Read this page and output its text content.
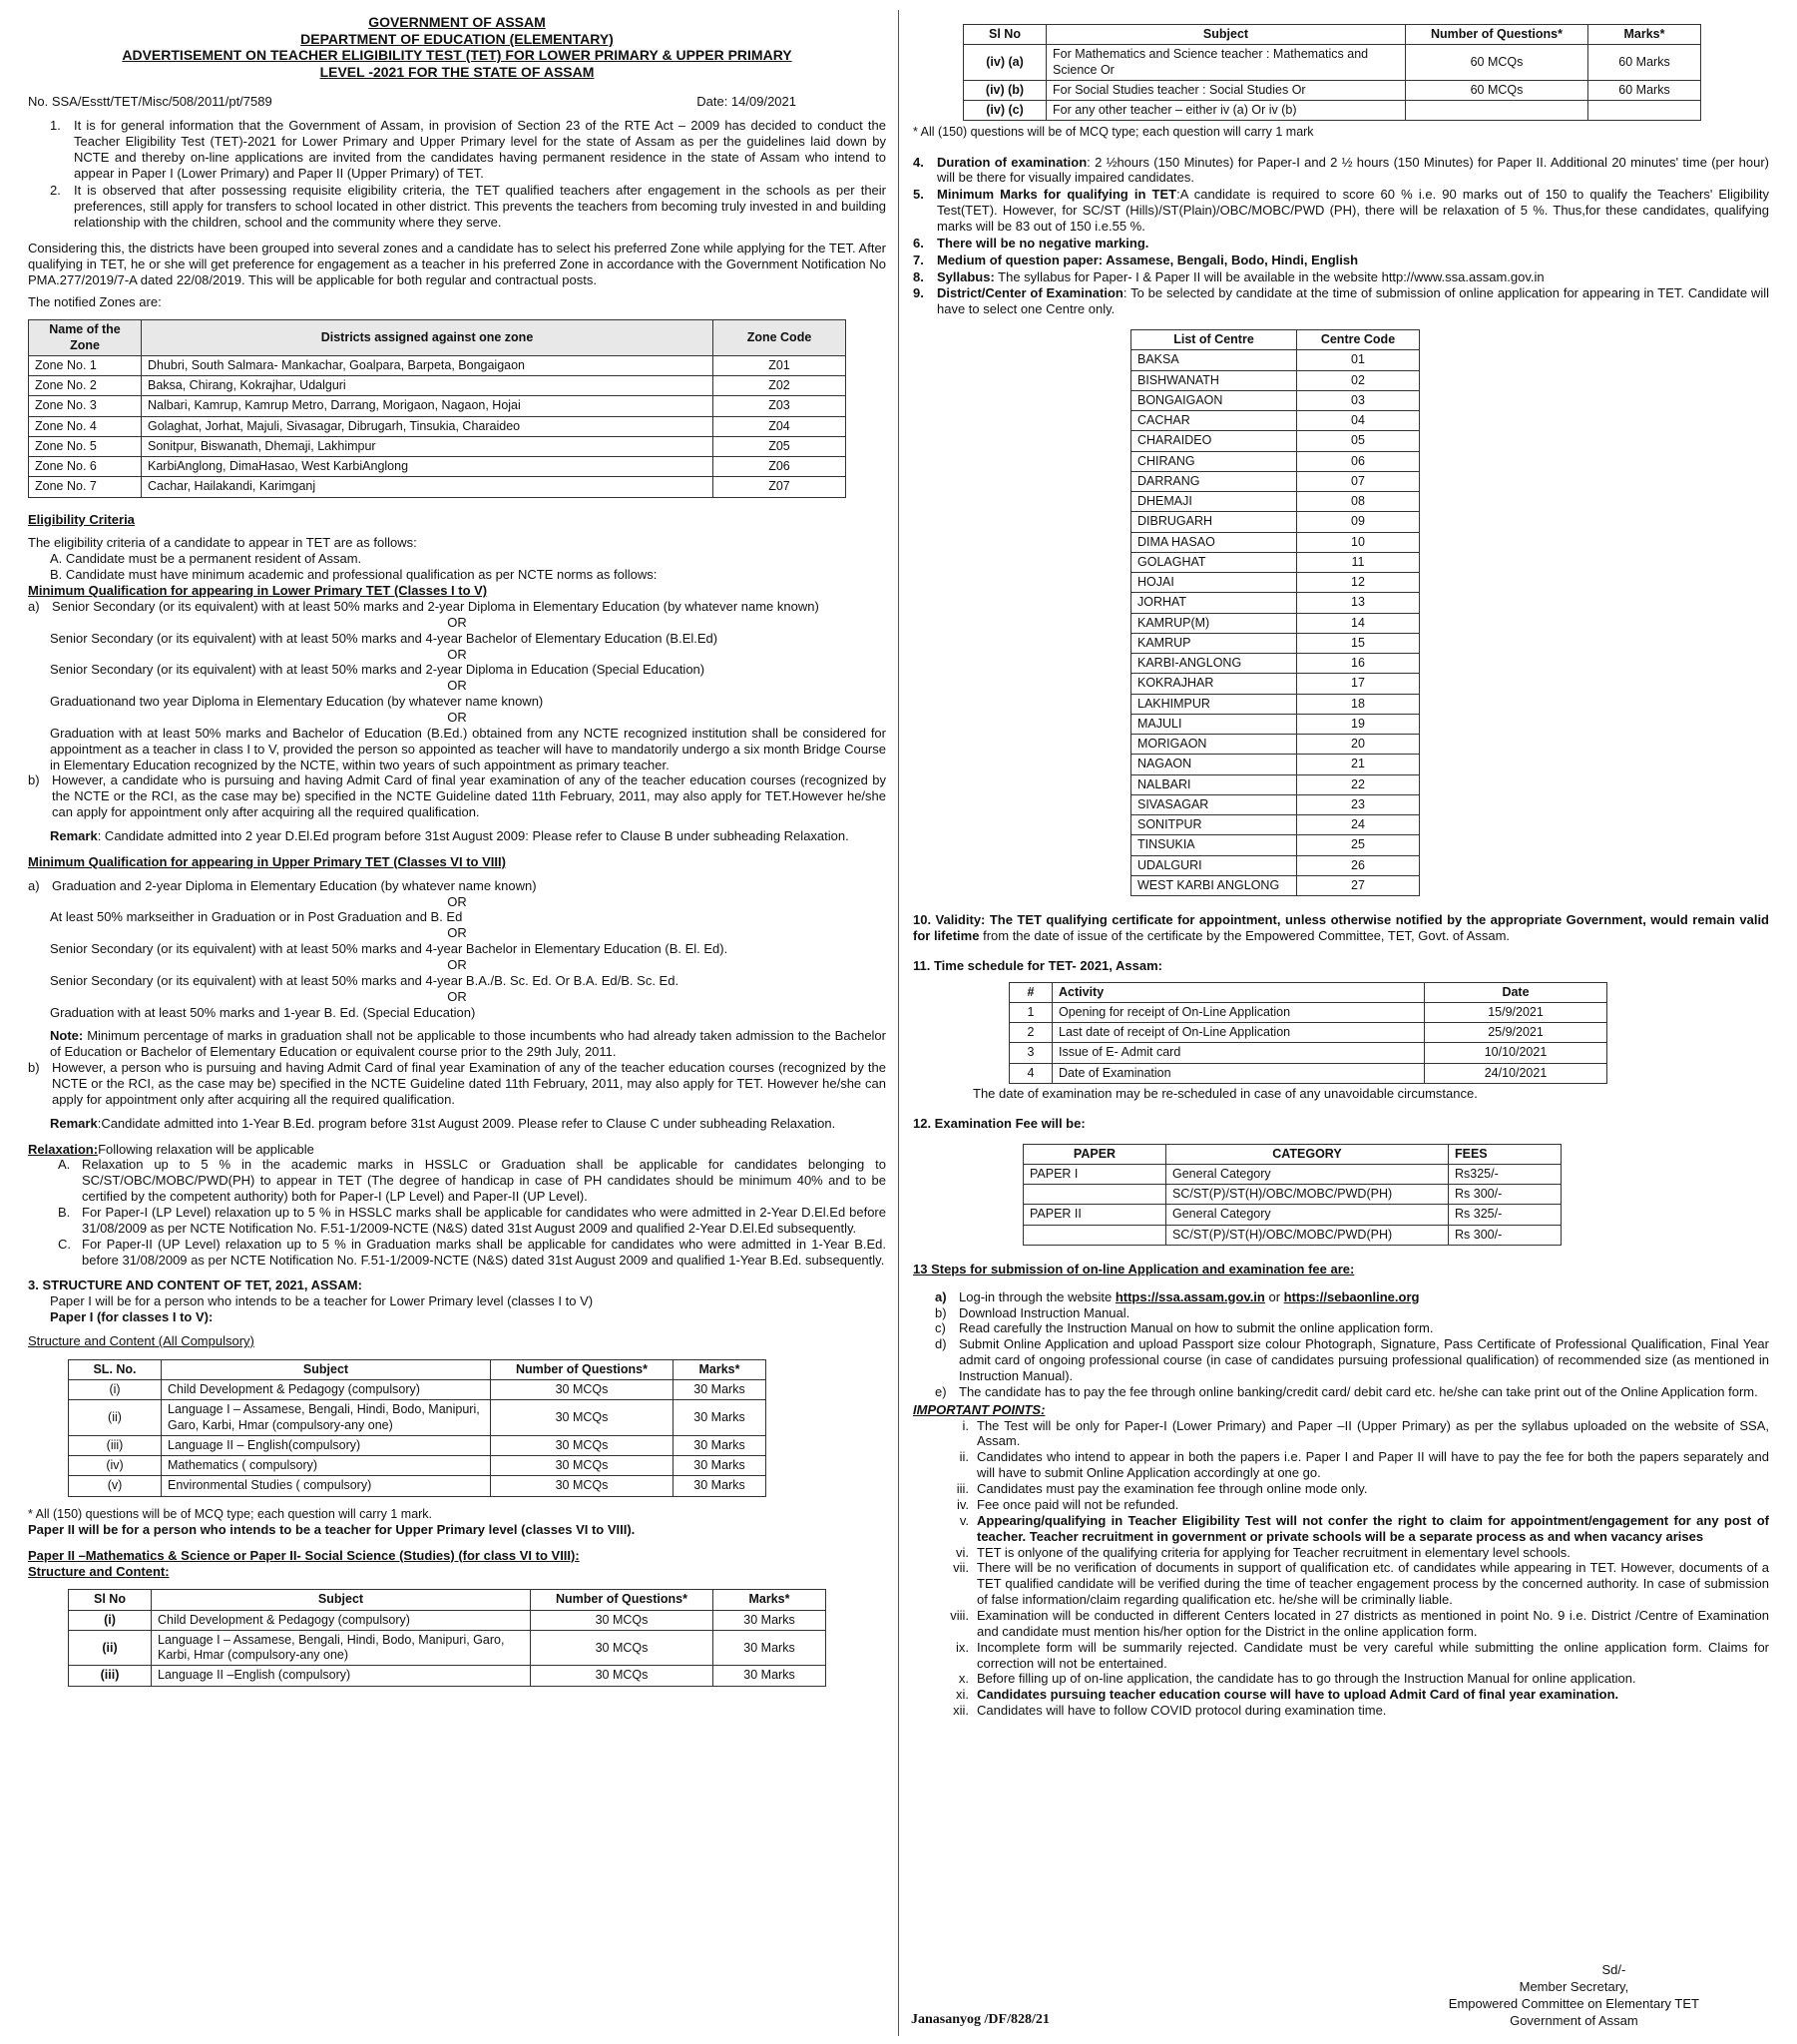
GOVERNMENT OF ASSAM
DEPARTMENT OF EDUCATION (ELEMENTARY)
ADVERTISEMENT ON TEACHER ELIGIBILITY TEST (TET) FOR LOWER PRIMARY & UPPER PRIMARY
LEVEL -2021 FOR THE STATE OF ASSAM
No. SSA/Esstt/TET/Misc/508/2011/pt/7589	Date: 14/09/2021
1.	It is for general information that the Government of Assam, in provision of Section 23 of the RTE Act – 2009 has decided to conduct the Teacher Eligibility Test (TET)-2021 for Lower Primary and Upper Primary level for the state of Assam as per the guidelines laid down by NCTE and thereby on-line applications are invited from the candidates having permanent residence in the state of Assam who intend to appear in Paper I (Lower Primary) and Paper II (Upper Primary) of TET.
2.	It is observed that after possessing requisite eligibility criteria, the TET qualified teachers after engagement in the schools as per their preferences, still apply for transfers to school located in other district. This prevents the teachers from becoming truly invested in and building relationship with the children, school and the community where they serve.

Considering this, the districts have been grouped into several zones and a candidate has to select his preferred Zone while applying for the TET. After qualifying in TET, he or she will get preference for engagement as a teacher in his preferred Zone in accordance with the Government Notification No PMA.277/2019/7-A dated 22/08/2019. This will be applicable for both regular and contractual posts.

The notified Zones are:

Name of the Zone	Districts assigned against one zone	Zone Code
Zone No. 1	Dhubri, South Salmara- Mankachar, Goalpara, Barpeta, Bongaigaon	Z01
Zone No. 2	Baksa, Chirang, Kokrajhar, Udalguri	Z02
Zone No. 3	Nalbari, Kamrup, Kamrup Metro, Darrang, Morigaon, Nagaon, Hojai	Z03
Zone No. 4	Golaghat, Jorhat, Majuli, Sivasagar, Dibrugarh, Tinsukia, Charaideo	Z04
Zone No. 5	Sonitpur, Biswanath, Dhemaji, Lakhimpur	Z05
Zone No. 6	KarbiAnglong, DimaHasao, West KarbiAnglong	Z06
Zone No. 7	Cachar, Hailakandi, Karimganj	Z07
Eligibility Criteria
The eligibility criteria of a candidate to appear in TET are as follows:
A. Candidate must be a permanent resident of Assam.
B. Candidate must have minimum academic and professional qualification as per NCTE norms as follows:
Minimum Qualification for appearing in Lower Primary TET (Classes I to V)
a) Senior Secondary (or its equivalent) with at least 50% marks and 2-year Diploma in Elementary Education (by whatever name known)
OR
Senior Secondary (or its equivalent) with at least 50% marks and 4-year Bachelor of Elementary Education (B.El.Ed)
OR
Senior Secondary (or its equivalent) with at least 50% marks and 2-year Diploma in Education (Special Education)
OR
Graduationand two year Diploma in Elementary Education (by whatever name known)
OR
Graduation with at least 50% marks and Bachelor of Education (B.Ed.) obtained from any NCTE recognized institution shall be considered for appointment as a teacher in class I to V, provided the person so appointed as teacher will have to mandatorily undergo a six month Bridge Course in Elementary Education recognized by the NCTE, within two years of such appointment as primary teacher.
b) However, a candidate who is pursuing and having Admit Card of final year examination of any of the teacher education courses (recognized by the NCTE or the RCI, as the case may be) specified in the NCTE Guideline dated 11th February, 2011, may also apply for TET.However he/she can apply for appointment only after acquiring all the required qualification.
Remark: Candidate admitted into 2 year D.El.Ed program before 31st August 2009: Please refer to Clause B under subheading Relaxation.
Minimum Qualification for appearing in Upper Primary TET (Classes VI to VIII)
a) Graduation and 2-year Diploma in Elementary Education (by whatever name known)
OR
At least 50% markseither in Graduation or in Post Graduation and B. Ed
OR
Senior Secondary (or its equivalent) with at least 50% marks and 4-year Bachelor in Elementary Education (B. El. Ed).
OR
Senior Secondary (or its equivalent) with at least 50% marks and 4-year B.A./B. Sc. Ed. Or B.A. Ed/B. Sc. Ed.
OR
Graduation with at least 50% marks and 1-year B. Ed. (Special Education)
Note: Minimum percentage of marks in graduation shall not be applicable to those incumbents who had already taken admission to the Bachelor of Education or Bachelor of Elementary Education or equivalent course prior to the 29th July, 2011.
b) However, a person who is pursuing and having Admit Card of final year Examination of any of the teacher education courses (recognized by the NCTE or the RCI, as the case may be) specified in the NCTE Guideline dated 11th February, 2011, may also apply for TET. However he/she can apply for appointment only after acquiring all the required qualification.
Remark:Candidate admitted into 1-Year B.Ed. program before 31st August 2009. Please refer to Clause C under subheading Relaxation.
Relaxation:Following relaxation will be applicable
A. Relaxation up to 5 % in the academic marks in HSSLC or Graduation shall be applicable for candidates belonging to SC/ST/OBC/MOBC/PWD(PH) to appear in TET (The degree of handicap in case of PH candidates should be minimum 40% and to be certified by the competent authority) both for Paper-I (LP Level) and Paper-II (UP Level).
B. For Paper-I (LP Level) relaxation up to 5 % in HSSLC marks shall be applicable for candidates who were admitted in 2-Year D.El.Ed before 31/08/2009 as per NCTE Notification No. F.51-1/2009-NCTE (N&S) dated 31st August 2009 and qualified 2-Year D.El.Ed subsequently.
C. For Paper-II (UP Level) relaxation up to 5 % in Graduation marks shall be applicable for candidates who were admitted in 1-Year B.Ed. before 31/08/2009 as per NCTE Notification No. F.51-1/2009-NCTE (N&S) dated 31st August 2009 and qualified 1-Year B.Ed. subsequently.
3. STRUCTURE AND CONTENT OF TET, 2021, ASSAM:
Paper I will be for a person who intends to be a teacher for Lower Primary level (classes I to V)
Paper I (for classes I to V):
Structure and Content (All Compulsory)
SL. No.	Subject	Number of Questions*	Marks*
(i)	Child Development & Pedagogy (compulsory)	30 MCQs	30 Marks
(ii)	Language I – Assamese, Bengali, Hindi, Bodo, Manipuri, Garo, Karbi, Hmar (compulsory-any one)	30 MCQs	30 Marks
(iii)	Language II – English(compulsory)	30 MCQs	30 Marks
(iv)	Mathematics ( compulsory)	30 MCQs	30 Marks
(v)	Environmental Studies ( compulsory)	30 MCQs	30 Marks
* All (150) questions will be of MCQ type; each question will carry 1 mark.
Paper II will be for a person who intends to be a teacher for Upper Primary level (classes VI to VIII).
Paper II –Mathematics & Science or Paper II- Social Science (Studies) (for class VI to VIII):
Structure and Content:
Sl No	Subject	Number of Questions*	Marks*
(i)	Child Development & Pedagogy (compulsory)	30 MCQs	30 Marks
(ii)	Language I – Assamese, Bengali, Hindi, Bodo, Manipuri, Garo, Karbi, Hmar (compulsory-any one)	30 MCQs	30 Marks
(iii)	Language II –English (compulsory)	30 MCQs	30 Marks
Sl No	Subject	Number of Questions*	Marks*
(iv) (a)	For Mathematics and Science teacher : Mathematics and Science Or	60 MCQs	60 Marks
(iv) (b)	For Social Studies teacher : Social Studies Or	60 MCQs	60 Marks
(iv) (c)	For any other teacher – either iv (a) Or iv (b)		
* All (150) questions will be of MCQ type; each question will carry 1 mark
4.	Duration of examination: 2 ½hours (150 Minutes) for Paper-I and 2 ½ hours (150 Minutes) for Paper II. Additional 20 minutes' time (per hour) will be there for visually impaired candidates.
5.	Minimum Marks for qualifying in TET:A candidate is required to score 60 % i.e. 90 marks out of 150 to qualify the Teachers' Eligibility Test(TET). However, for SC/ST (Hills)/ST(Plain)/OBC/MOBC/PWD (PH), there will be relaxation of 5 %. Thus,for these candidates, qualifying marks will be 83 out of 150 i.e.55 %.
6.	There will be no negative marking.
7.	Medium of question paper: Assamese, Bengali, Bodo, Hindi, English
8.	Syllabus: The syllabus for Paper- I & Paper II will be available in the website http://www.ssa.assam.gov.in
9.	District/Center of Examination: To be selected by candidate at the time of submission of online application for appearing in TET. Candidate will have to select one Centre only.
List of Centre	Centre Code
BAKSA	01
BISHWANATH	02
BONGAIGAON	03
CACHAR	04
CHARAIDEO	05
CHIRANG	06
DARRANG	07
DHEMAJI	08
DIBRUGARH	09
DIMA HASAO	10
GOLAGHAT	11
HOJAI	12
JORHAT	13
KAMRUP(M)	14
KAMRUP	15
KARBI-ANGLONG	16
KOKRAJHAR	17
LAKHIMPUR	18
MAJULI	19
MORIGAON	20
NAGAON	21
NALBARI	22
SIVASAGAR	23
SONITPUR	24
TINSUKIA	25
UDALGURI	26
WEST KARBI ANGLONG	27

10. Validity: The TET qualifying certificate for appointment, unless otherwise notified by the appropriate Government, would remain valid for lifetime from the date of issue of the certificate by the Empowered Committee, TET, Govt. of Assam.

11. Time schedule for TET- 2021, Assam:
#	Activity	Date
1	Opening for receipt of On-Line Application	15/9/2021
2	Last date of receipt of On-Line Application	25/9/2021
3	Issue of E- Admit card	10/10/2021
4	Date of Examination	24/10/2021
The date of examination may be re-scheduled in case of any unavoidable circumstance.
12. Examination Fee will be:
PAPER	CATEGORY	FEES
PAPER I	General Category	Rs325/-
	SC/ST(P)/ST(H)/OBC/MOBC/PWD(PH)	Rs 300/-
PAPER II	General Category	Rs 325/-
	SC/ST(P)/ST(H)/OBC/MOBC/PWD(PH)	Rs 300/-
13 Steps for submission of on-line Application and examination fee are:
a) Log-in through the website https://ssa.assam.gov.in or https://sebaonline.org
b) Download Instruction Manual.
c)	Read carefully the Instruction Manual on how to submit the online application form.
d) Submit Online Application and upload Passport size colour Photograph, Signature, Pass Certificate of Professional Qualification, Final Year admit card of ongoing professional course (in case of candidates pursuing professional qualification) of recommended size (as mentioned in Instruction Manual).
e) The candidate has to pay the fee through online banking/credit card/ debit card etc. he/she can take print out of the Online Application form.
IMPORTANT POINTS:
i. The Test will be only for Paper-I (Lower Primary) and Paper –II (Upper Primary) as per the syllabus uploaded on the website of SSA, Assam.
ii. Candidates who intend to appear in both the papers i.e. Paper I and Paper II will have to pay the fee for both the papers separately and will have to submit Online Application accordingly at one go.
iii. Candidates must pay the examination fee through online mode only.
iv. Fee once paid will not be refunded.
v. Appearing/qualifying in Teacher Eligibility Test will not confer the right to claim for appointment/engagement for any post of teacher. Teacher recruitment in government or private schools will be a separate process as and when vacancy arises
vi. TET is onlyone of the qualifying criteria for applying for Teacher recruitment in elementary level schools.
vii. There will be no verification of documents in support of qualification etc. of candidates while appearing in TET. However, documents of a TET qualified candidate will be verified during the time of teacher engagement process by the concerned authority. In case of submission of false information/claim regarding qualification etc. he/she will be criminally liable.
viii. Examination will be conducted in different Centers located in 27 districts as mentioned in point No. 9 i.e. District /Centre of Examination and candidate must mention his/her option for the District in the online application form.
ix. Incomplete form will be summarily rejected. Candidate must be very careful while submitting the online application form. Claims for correction will not be entertained.
x. Before filling up of on-line application, the candidate has to go through the Instruction Manual for online application.
xi. Candidates pursuing teacher education course will have to upload Admit Card of final year examination.
xii. Candidates will have to follow COVID protocol during examination time.
Janasanyog /DF/828/21
Sd/-
Member Secretary,
Empowered Committee on Elementary TET
Government of Assam
